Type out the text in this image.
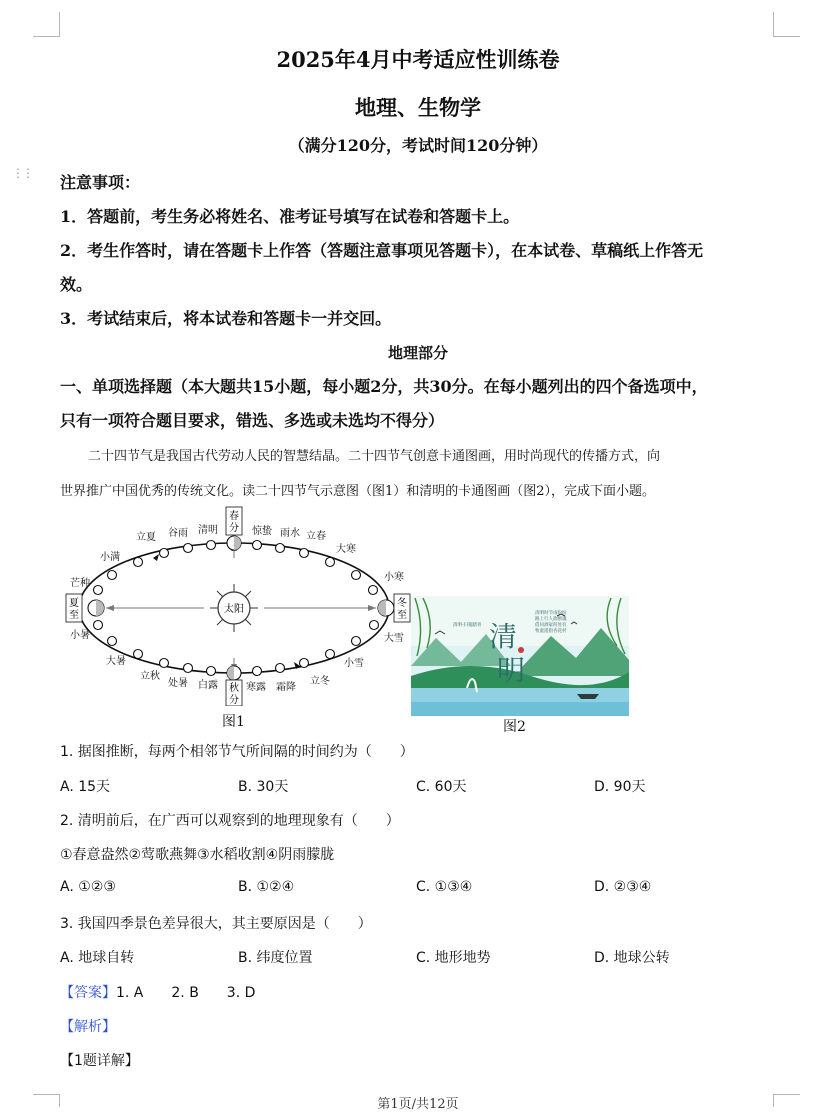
⋮⋮
2025年4月中考适应性训练卷
地理、生物学
（满分120分，考试时间120分钟）
注意事项：
1．答题前，考生务必将姓名、准考证号填写在试卷和答题卡上。
2．考生作答时，请在答题卡上作答（答题注意事项见答题卡），在本试卷、草稿纸上作答无
效。
3．考试结束后，将本试卷和答题卡一并交回。
地理部分
一、单项选择题（本大题共15小题，每小题2分，共30分。在每小题列出的四个备选项中，
只有一项符合题目要求，错选、多选或未选均不得分）
二十四节气是我国古代劳动人民的智慧结晶。二十四节气创意卡通图画，用时尚现代的传播方式，向
世界推广中国优秀的传统文化。读二十四节气示意图（图1）和清明的卡通图画（图2），完成下面小题。
太阳
春
分
秋
分
夏
至
冬
至
惊蛰 雨水 立春
大寒
小寒
大雪
小雪
立冬
霜降
寒露
白露
处暑
立秋
大暑
小暑
芒种
小满
立夏 谷雨 清明
图1
清
明
清明时节雨纷纷
路上行人欲断魂
借问酒家何处有
牧童遥指杏花村
清明·扫墓踏青
图2
1. 据图推断，每两个相邻节气所间隔的时间约为（　　）
A. 15天	B. 30天	C. 60天	D. 90天
2. 清明前后，在广西可以观察到的地理现象有（　　）
①春意盎然②莺歌燕舞③水稻收割④阴雨朦胧
A. ①②③	B. ①②④	C. ①③④	D. ②③④
3. 我国四季景色差异很大，其主要原因是（　　）
A. 地球自转	B. 纬度位置	C. 地形地势	D. 地球公转
【答案】1. A　　2. B　　3. D
【解析】
【1题详解】
第1页/共12页
